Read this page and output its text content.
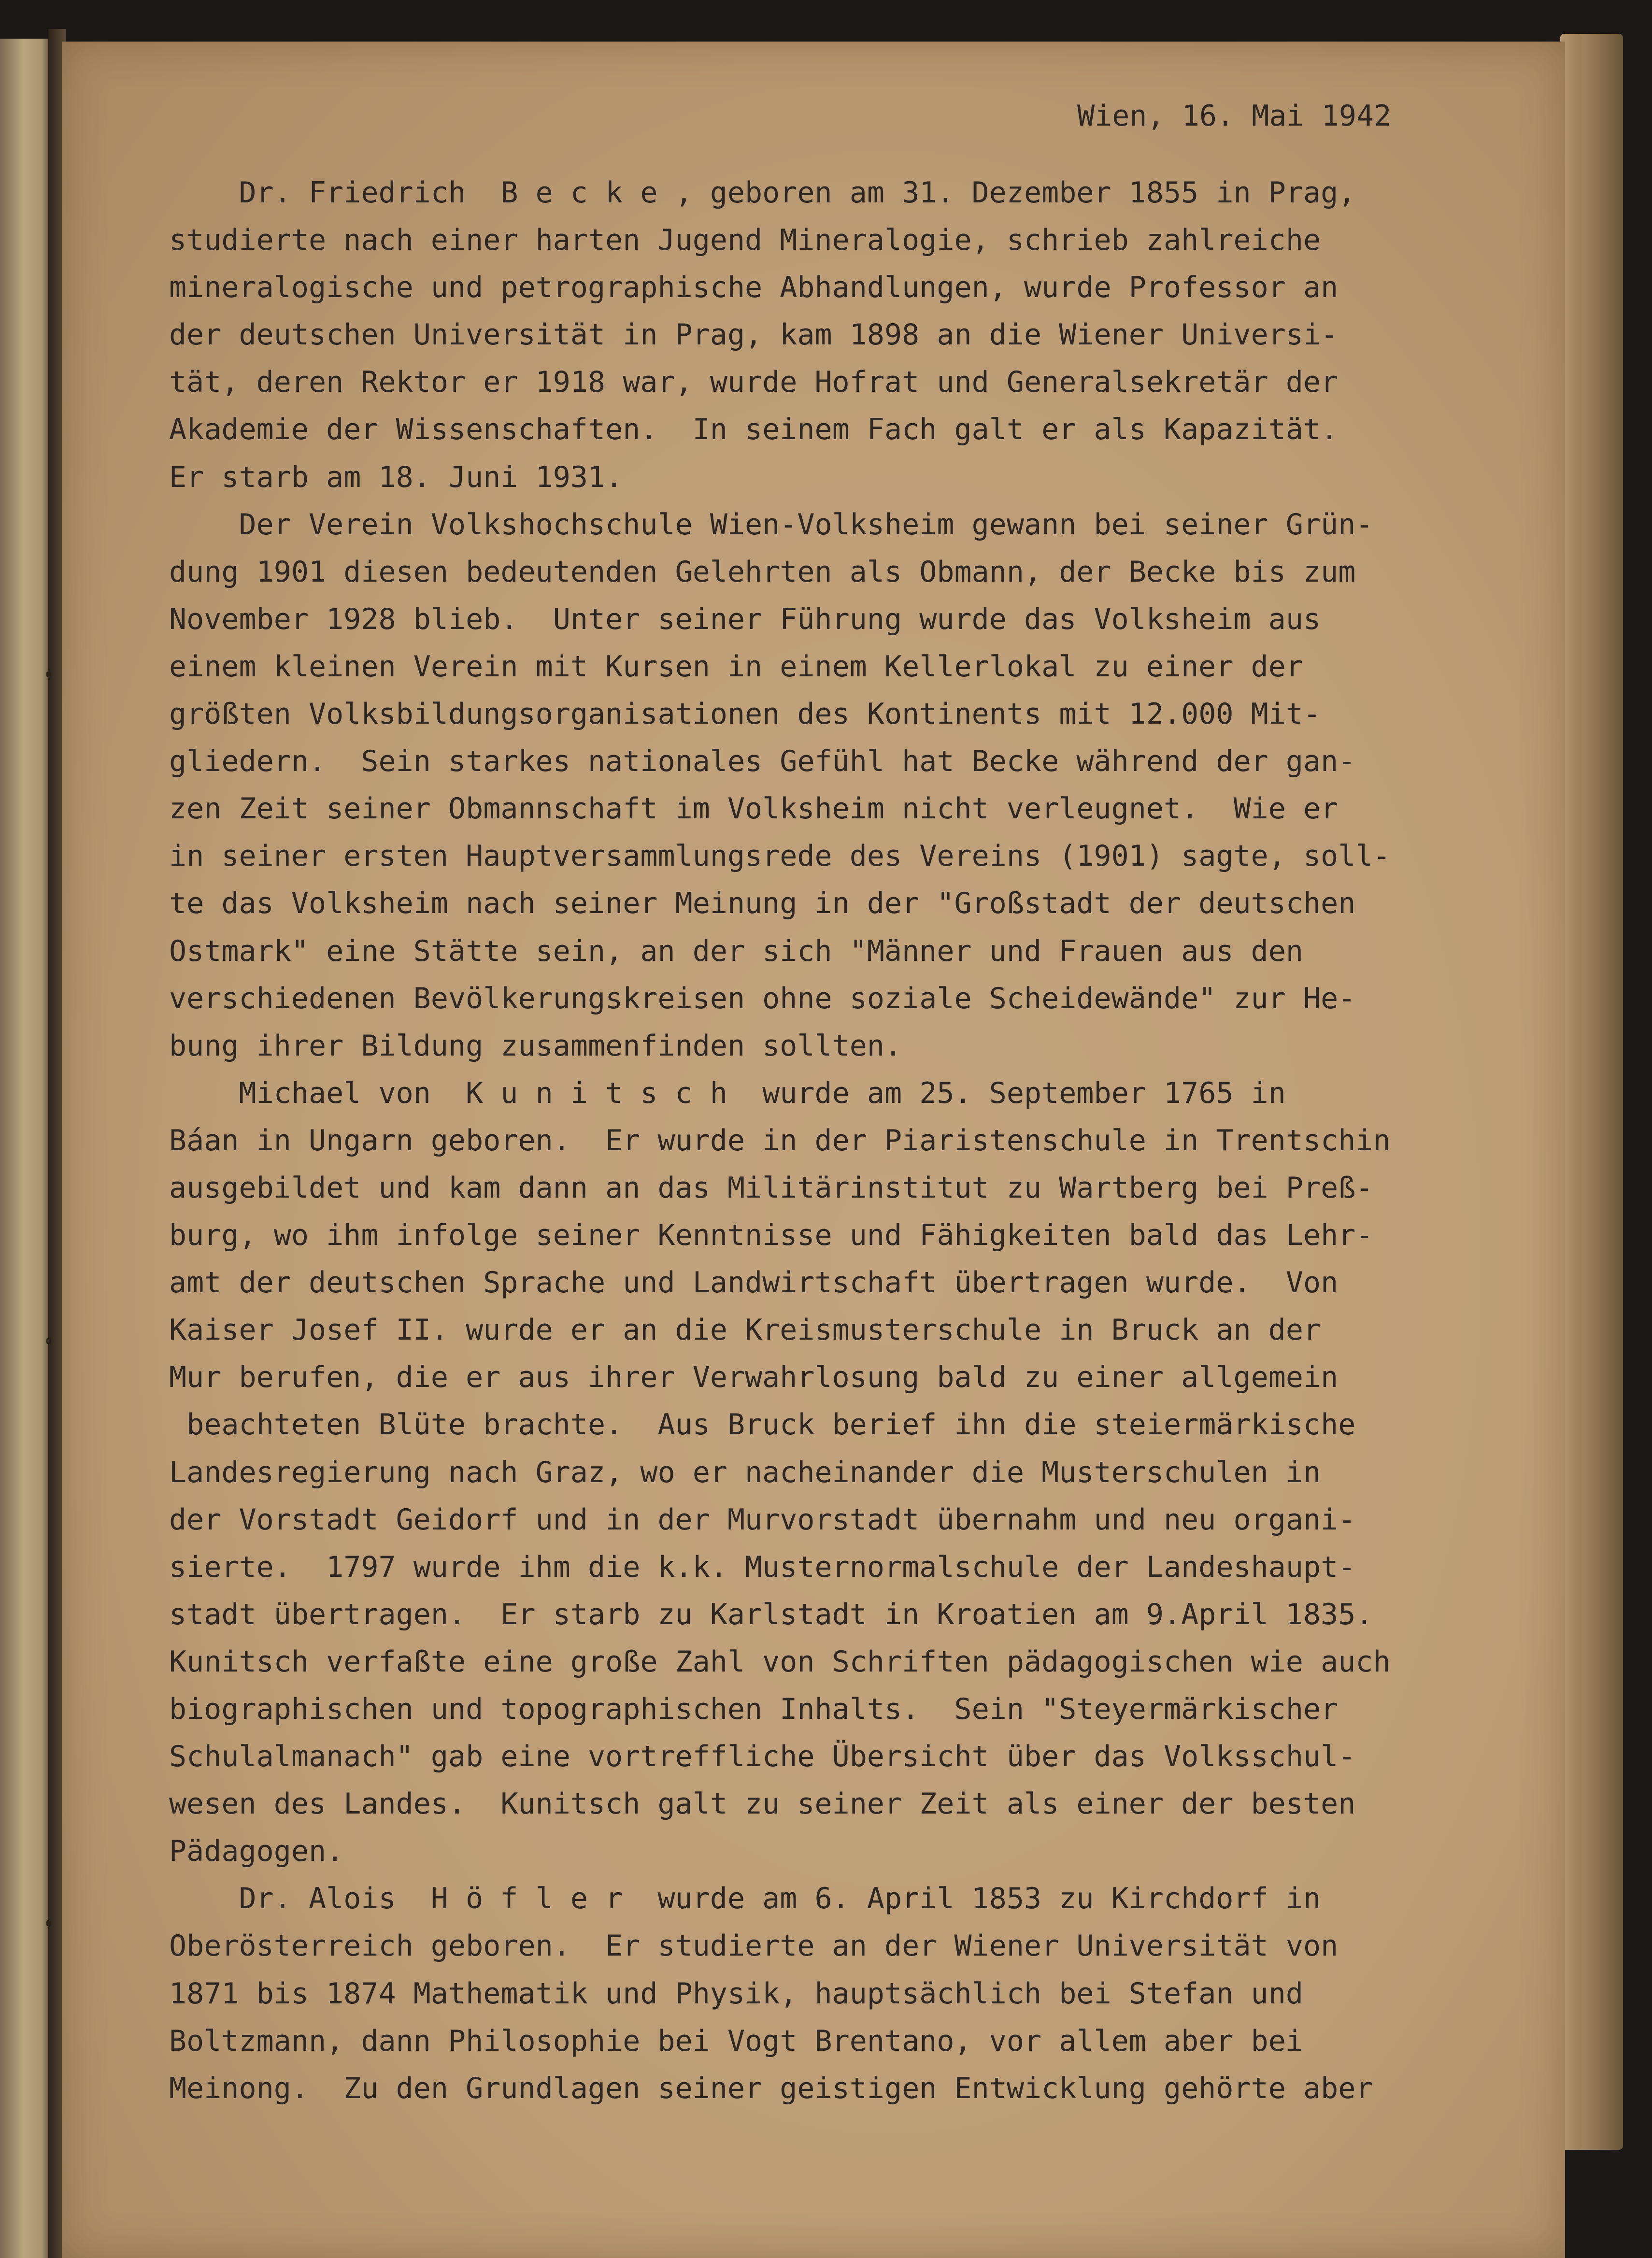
Wien, 16. Mai 1942
Dr. Friedrich  B e c k e , geboren am 31. Dezember 1855 in Prag,
studierte nach einer harten Jugend Mineralogie, schrieb zahlreiche
mineralogische und petrographische Abhandlungen, wurde Professor an
der deutschen Universität in Prag, kam 1898 an die Wiener Universi-
tät, deren Rektor er 1918 war, wurde Hofrat und Generalsekretär der
Akademie der Wissenschaften.  In seinem Fach galt er als Kapazität.
Er starb am 18. Juni 1931.
Der Verein Volkshochschule Wien-Volksheim gewann bei seiner Grün-
dung 1901 diesen bedeutenden Gelehrten als Obmann, der Becke bis zum
November 1928 blieb.  Unter seiner Führung wurde das Volksheim aus
einem kleinen Verein mit Kursen in einem Kellerlokal zu einer der
größten Volksbildungsorganisationen des Kontinents mit 12.000 Mit-
gliedern.  Sein starkes nationales Gefühl hat Becke während der gan-
zen Zeit seiner Obmannschaft im Volksheim nicht verleugnet.  Wie er
in seiner ersten Hauptversammlungsrede des Vereins (1901) sagte, soll-
te das Volksheim nach seiner Meinung in der "Großstadt der deutschen
Ostmark" eine Stätte sein, an der sich "Männer und Frauen aus den
verschiedenen Bevölkerungskreisen ohne soziale Scheidewände" zur He-
bung ihrer Bildung zusammenfinden sollten.
Michael von  K u n i t s c h  wurde am 25. September 1765 in
Báan in Ungarn geboren.  Er wurde in der Piaristenschule in Trentschin
ausgebildet und kam dann an das Militärinstitut zu Wartberg bei Preß-
burg, wo ihm infolge seiner Kenntnisse und Fähigkeiten bald das Lehr-
amt der deutschen Sprache und Landwirtschaft übertragen wurde.  Von
Kaiser Josef II. wurde er an die Kreismusterschule in Bruck an der
Mur berufen, die er aus ihrer Verwahrlosung bald zu einer allgemein
beachteten Blüte brachte.  Aus Bruck berief ihn die steiermärkische
Landesregierung nach Graz, wo er nacheinander die Musterschulen in
der Vorstadt Geidorf und in der Murvorstadt übernahm und neu organi-
sierte.  1797 wurde ihm die k.k. Musternormalschule der Landeshaupt-
stadt übertragen.  Er starb zu Karlstadt in Kroatien am 9.April 1835.
Kunitsch verfaßte eine große Zahl von Schriften pädagogischen wie auch
biographischen und topographischen Inhalts.  Sein "Steyermärkischer
Schulalmanach" gab eine vortreffliche Übersicht über das Volksschul-
wesen des Landes.  Kunitsch galt zu seiner Zeit als einer der besten
Pädagogen.
Dr. Alois  H ö f l e r  wurde am 6. April 1853 zu Kirchdorf in
Oberösterreich geboren.  Er studierte an der Wiener Universität von
1871 bis 1874 Mathematik und Physik, hauptsächlich bei Stefan und
Boltzmann, dann Philosophie bei Vogt Brentano, vor allem aber bei
Meinong.  Zu den Grundlagen seiner geistigen Entwicklung gehörte aber
